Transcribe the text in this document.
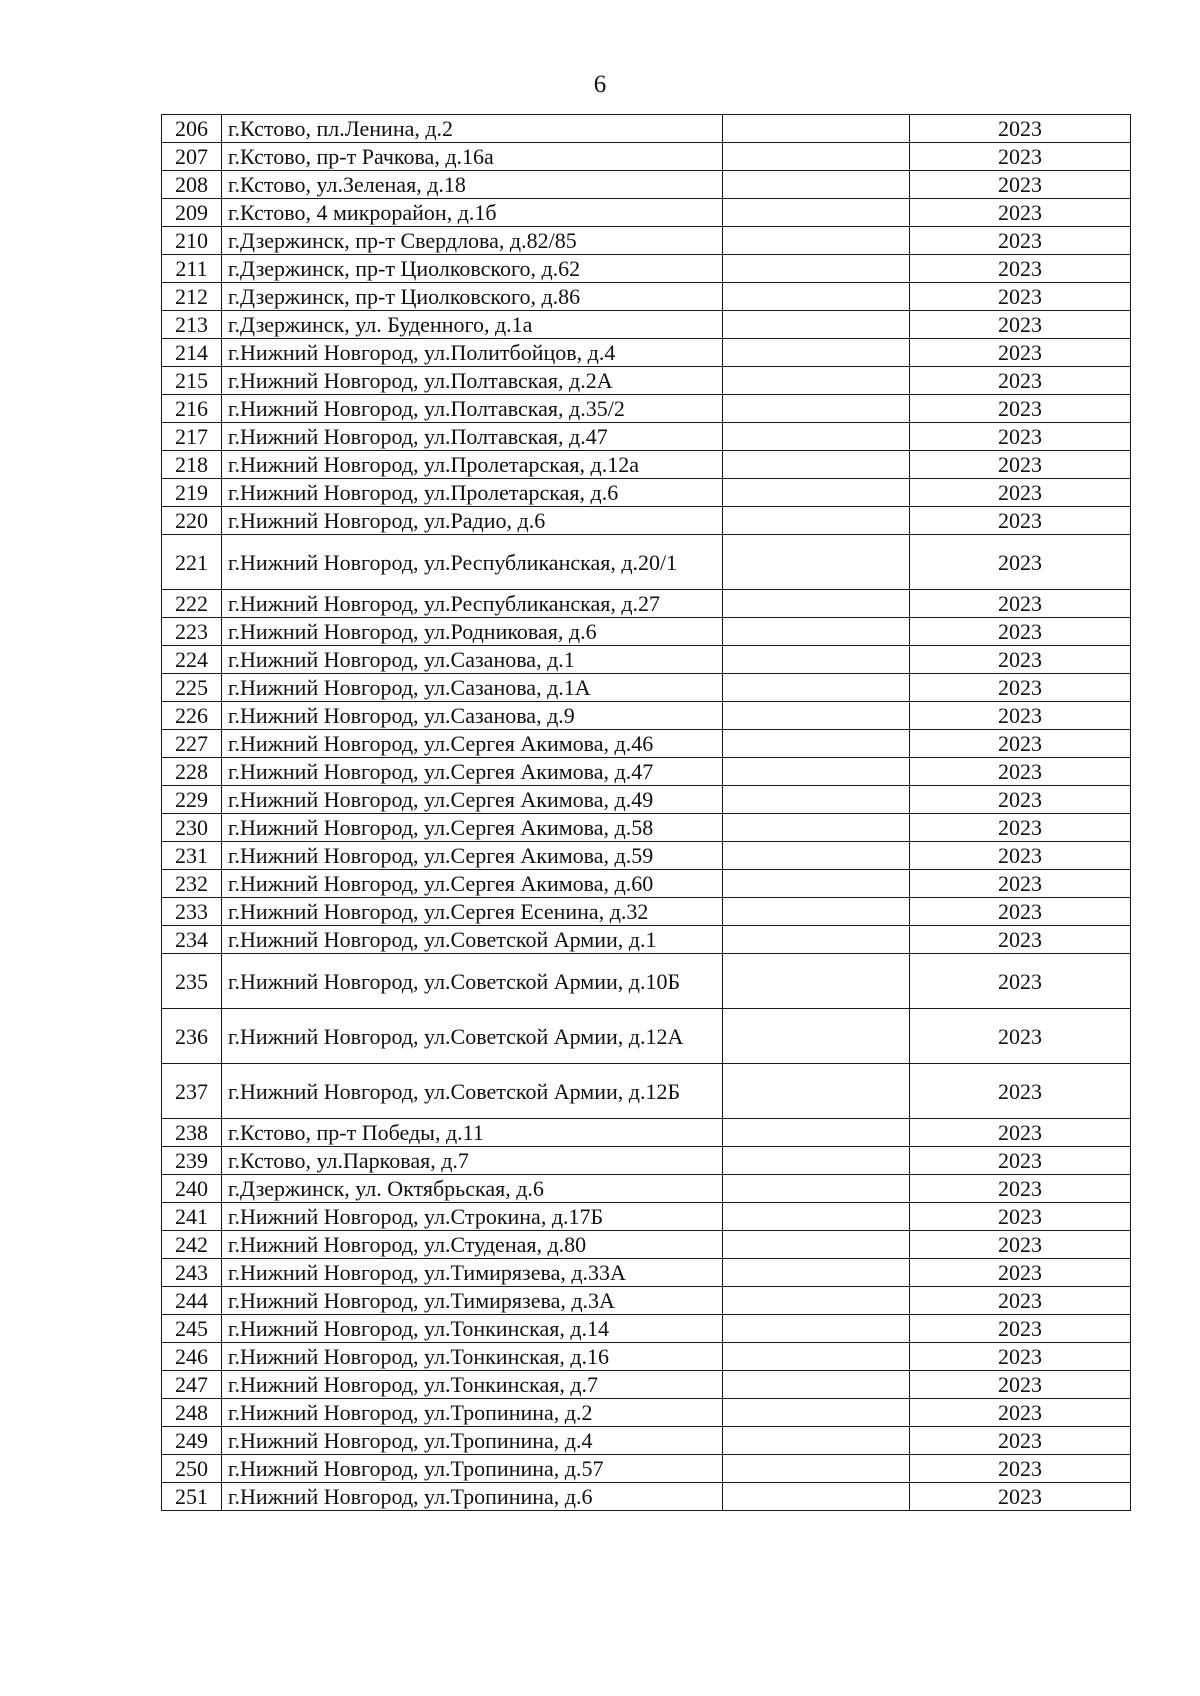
6
206	г.Кстово, пл.Ленина, д.2		2023
207	г.Кстово, пр-т Рачкова, д.16а		2023
208	г.Кстово, ул.Зеленая, д.18		2023
209	г.Кстово, 4 микрорайон, д.1б		2023
210	г.Дзержинск, пр-т Свердлова, д.82/85		2023
211	г.Дзержинск, пр-т Циолковского, д.62		2023
212	г.Дзержинск, пр-т Циолковского, д.86		2023
213	г.Дзержинск, ул. Буденного, д.1а		2023
214	г.Нижний Новгород, ул.Политбойцов, д.4		2023
215	г.Нижний Новгород, ул.Полтавская, д.2А		2023
216	г.Нижний Новгород, ул.Полтавская, д.35/2		2023
217	г.Нижний Новгород, ул.Полтавская, д.47		2023
218	г.Нижний Новгород, ул.Пролетарская, д.12а		2023
219	г.Нижний Новгород, ул.Пролетарская, д.6		2023
220	г.Нижний Новгород, ул.Радио, д.6		2023
221	г.Нижний Новгород, ул.Республиканская, д.20/1		2023
222	г.Нижний Новгород, ул.Республиканская, д.27		2023
223	г.Нижний Новгород, ул.Родниковая, д.6		2023
224	г.Нижний Новгород, ул.Сазанова, д.1		2023
225	г.Нижний Новгород, ул.Сазанова, д.1А		2023
226	г.Нижний Новгород, ул.Сазанова, д.9		2023
227	г.Нижний Новгород, ул.Сергея Акимова, д.46		2023
228	г.Нижний Новгород, ул.Сергея Акимова, д.47		2023
229	г.Нижний Новгород, ул.Сергея Акимова, д.49		2023
230	г.Нижний Новгород, ул.Сергея Акимова, д.58		2023
231	г.Нижний Новгород, ул.Сергея Акимова, д.59		2023
232	г.Нижний Новгород, ул.Сергея Акимова, д.60		2023
233	г.Нижний Новгород, ул.Сергея Есенина, д.32		2023
234	г.Нижний Новгород, ул.Советской Армии, д.1		2023
235	г.Нижний Новгород, ул.Советской Армии, д.10Б		2023
236	г.Нижний Новгород, ул.Советской Армии, д.12А		2023
237	г.Нижний Новгород, ул.Советской Армии, д.12Б		2023
238	г.Кстово, пр-т Победы, д.11		2023
239	г.Кстово, ул.Парковая, д.7		2023
240	г.Дзержинск, ул. Октябрьская, д.6		2023
241	г.Нижний Новгород, ул.Строкина, д.17Б		2023
242	г.Нижний Новгород, ул.Студеная, д.80		2023
243	г.Нижний Новгород, ул.Тимирязева, д.33А		2023
244	г.Нижний Новгород, ул.Тимирязева, д.3А		2023
245	г.Нижний Новгород, ул.Тонкинская, д.14		2023
246	г.Нижний Новгород, ул.Тонкинская, д.16		2023
247	г.Нижний Новгород, ул.Тонкинская, д.7		2023
248	г.Нижний Новгород, ул.Тропинина, д.2		2023
249	г.Нижний Новгород, ул.Тропинина, д.4		2023
250	г.Нижний Новгород, ул.Тропинина, д.57		2023
251	г.Нижний Новгород, ул.Тропинина, д.6		2023
